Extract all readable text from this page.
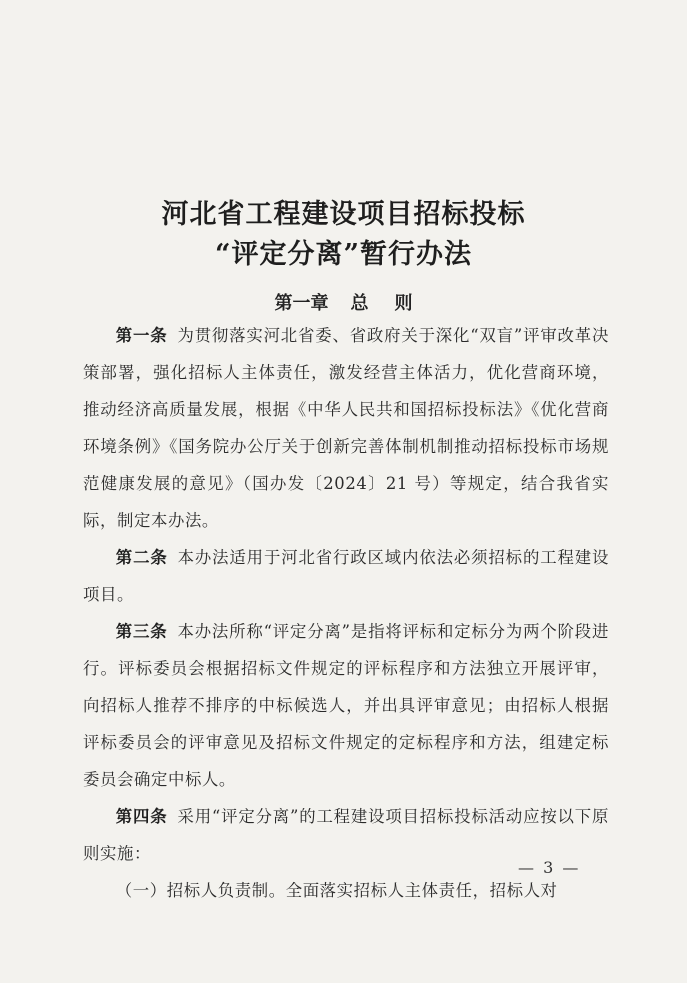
河北省工程建设项目招标投标
“评定分离”暂行办法
第一章 总 则

第一条 为贯彻落实河北省委、省政府关于深化“双盲”评审改革决策部署，强化招标人主体责任，激发经营主体活力，优化营商环境，推动经济高质量发展，根据《中华人民共和国招标投标法》《优化营商环境条例》《国务院办公厅关于创新完善体制机制推动招标投标市场规范健康发展的意见》（国办发〔2024〕21 号）等规定，结合我省实际，制定本办法。

第二条 本办法适用于河北省行政区域内依法必须招标的工程建设项目。

第三条 本办法所称“评定分离”是指将评标和定标分为两个阶段进行。评标委员会根据招标文件规定的评标程序和方法独立开展评审，向招标人推荐不排序的中标候选人，并出具评审意见；由招标人根据评标委员会的评审意见及招标文件规定的定标程序和方法，组建定标委员会确定中标人。

第四条 采用“评定分离”的工程建设项目招标投标活动应按以下原则实施：

（一）招标人负责制。全面落实招标人主体责任，招标人对

— 3 —
